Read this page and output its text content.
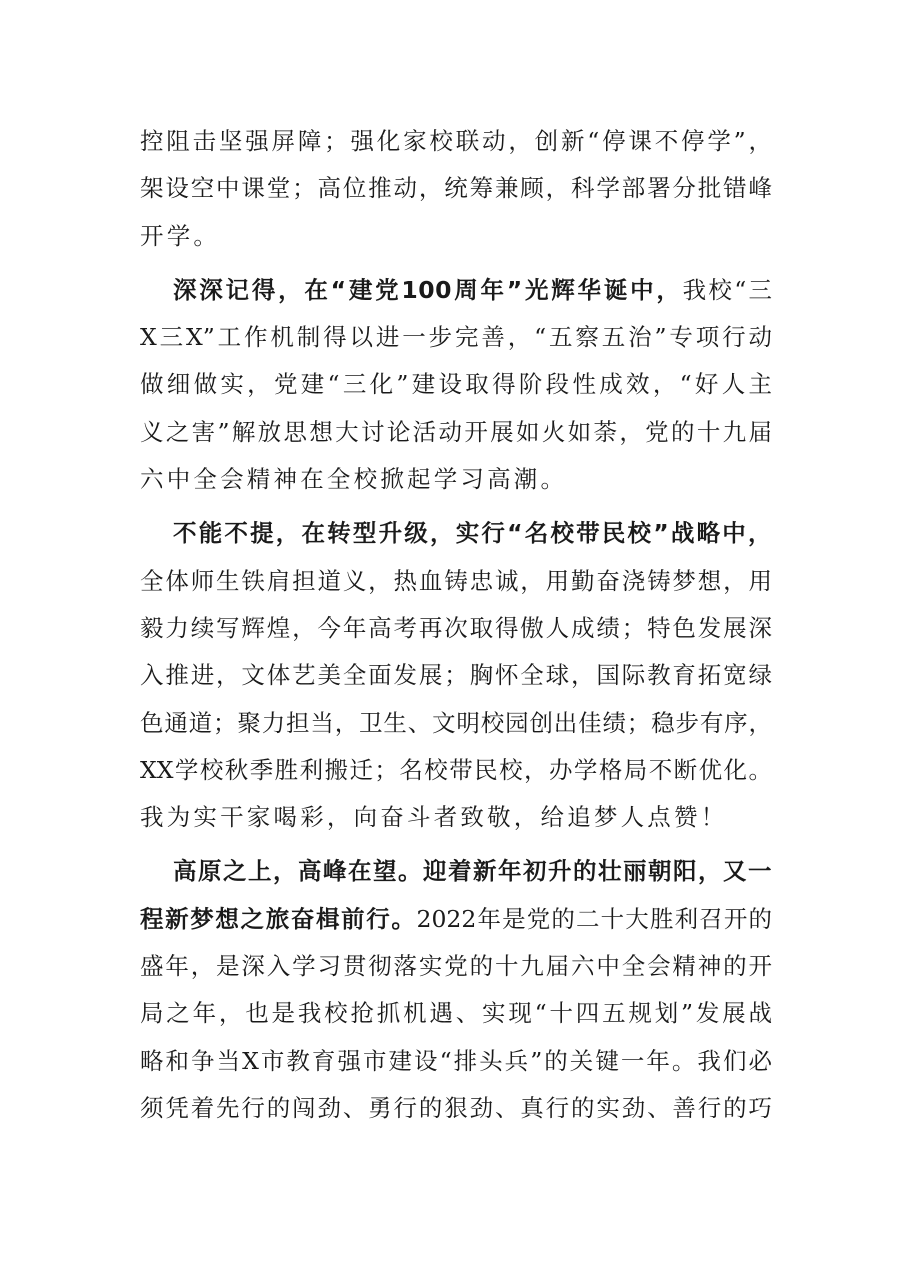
控阻击坚强屏障；强化家校联动，创新“停课不停学”，
架设空中课堂；高位推动，统筹兼顾，科学部署分批错峰
开学。
深深记得，在“建党100周年”光辉华诞中，我校“三
X三X”工作机制得以进一步完善，“五察五治”专项行动
做细做实，党建“三化”建设取得阶段性成效，“好人主
义之害”解放思想大讨论活动开展如火如荼，党的十九届
六中全会精神在全校掀起学习高潮。
不能不提，在转型升级，实行“名校带民校”战略中，
全体师生铁肩担道义，热血铸忠诚，用勤奋浇铸梦想，用
毅力续写辉煌，今年高考再次取得傲人成绩；特色发展深
入推进，文体艺美全面发展；胸怀全球，国际教育拓宽绿
色通道；聚力担当，卫生、文明校园创出佳绩；稳步有序，
XX学校秋季胜利搬迁；名校带民校，办学格局不断优化。
我为实干家喝彩，向奋斗者致敬，给追梦人点赞！
高原之上，高峰在望。迎着新年初升的壮丽朝阳，又一
程新梦想之旅奋楫前行。2022年是党的二十大胜利召开的
盛年，是深入学习贯彻落实党的十九届六中全会精神的开
局之年，也是我校抢抓机遇、实现“十四五规划”发展战
略和争当X市教育强市建设“排头兵”的关键一年。我们必
须凭着先行的闯劲、勇行的狠劲、真行的实劲、善行的巧
